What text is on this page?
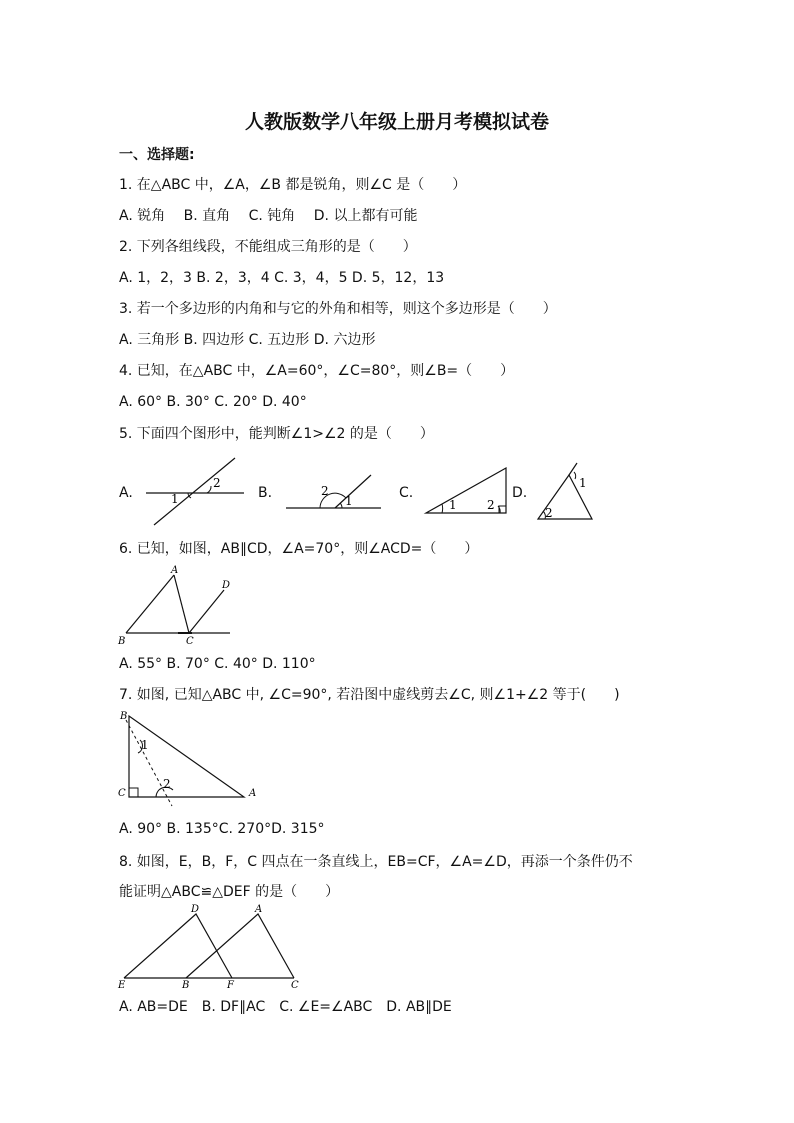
人教版数学八年级上册月考模拟试卷
一、选择题:
1. 在△ABC 中，∠A，∠B 都是锐角，则∠C 是（　　）
A. 锐角　 B. 直角　 C. 钝角　 D. 以上都有可能
2. 下列各组线段，不能组成三角形的是（　　）
A. 1，2，3 B. 2，3，4 C. 3，4，5 D. 5，12，13
3. 若一个多边形的内角和与它的外角和相等，则这个多边形是（　　）
A. 三角形 B. 四边形 C. 五边形 D. 六边形
4. 已知，在△ABC 中，∠A=60°，∠C=80°，则∠B=（　　）
A. 60° B. 30° C. 20° D. 40°
5. 下面四个图形中，能判断∠1>∠2 的是（　　）
A.	1
2
B.	2
1	C.
1	2
D.
1
2
6. 已知，如图，AB∥CD，∠A=70°，则∠ACD=（　　）
A
B	C
D
A. 55° B. 70° C. 40° D. 110°
7. 如图, 已知△ABC 中, ∠C=90°, 若沿图中虚线剪去∠C, 则∠1+∠2 等于(　　)
B
C	A
1
2
A. 90° B. 135°C. 270°D. 315°
8. 如图，E，B，F，C 四点在一条直线上，EB=CF，∠A=∠D，再添一个条件仍不
能证明△ABC≌△DEF 的是（　　）
D	A
E	B	F	C
A. AB=DE　B. DF∥AC　C. ∠E=∠ABC　D. AB∥DE
